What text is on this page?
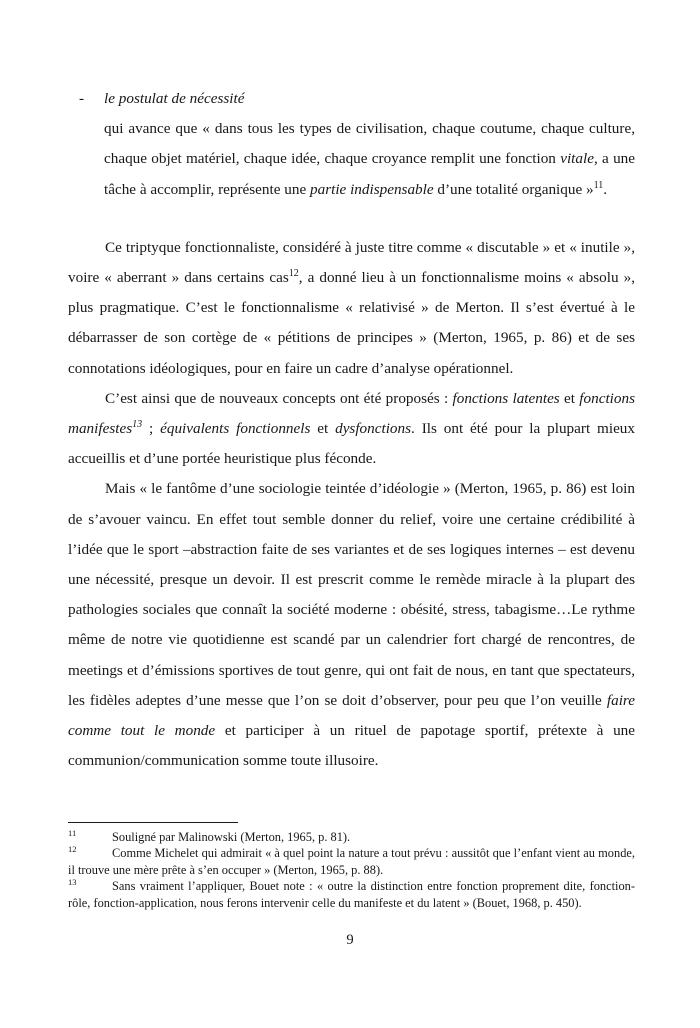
- le postulat de nécessité
qui avance que « dans tous les types de civilisation, chaque coutume, chaque culture, chaque objet matériel, chaque idée, chaque croyance remplit une fonction vitale, a une tâche à accomplir, représente une partie indispensable d’une totalité organique »$^{11}$.

Ce triptyque fonctionnaliste, considéré à juste titre comme « discutable » et « inutile », voire « aberrant » dans certains cas$^{12}$, a donné lieu à un fonctionnalisme moins « absolu », plus pragmatique. C’est le fonctionnalisme « relativisé » de Merton. Il s’est évertué à le débarrasser de son cortège de « pétitions de principes » (Merton, 1965, p. 86) et de ses connotations idéologiques, pour en faire un cadre d’analyse opérationnel.

C’est ainsi que de nouveaux concepts ont été proposés : fonctions latentes et fonctions manifestes$^{13}$ ; équivalents fonctionnels et dysfonctions. Ils ont été pour la plupart mieux accueillis et d’une portée heuristique plus féconde.

Mais « le fantôme d’une sociologie teintée d’idéologie » (Merton, 1965, p. 86) est loin de s’avouer vaincu. En effet tout semble donner du relief, voire une certaine crédibilité à l’idée que le sport –abstraction faite de ses variantes et de ses logiques internes – est devenu une nécessité, presque un devoir. Il est prescrit comme le remède miracle à la plupart des pathologies sociales que connaît la société moderne : obésité, stress, tabagisme…Le rythme même de notre vie quotidienne est scandé par un calendrier fort chargé de rencontres, de meetings et d’émissions sportives de tout genre, qui ont fait de nous, en tant que spectateurs, les fidèles adeptes d’une messe que l’on se doit d’observer, pour peu que l’on veuille faire comme tout le monde et participer à un rituel de papotage sportif, prétexte à une communion/communication somme toute illusoire.

11	Souligné par Malinowski (Merton, 1965, p. 81).

12	Comme Michelet qui admirait « à quel point la nature a tout prévu : aussitôt que l’enfant vient au monde, il trouve une mère prête à s’en occuper » (Merton, 1965, p. 88).

13	Sans vraiment l’appliquer, Bouet note : « outre la distinction entre fonction proprement dite, fonction-rôle, fonction-application, nous ferons intervenir celle du manifeste et du latent » (Bouet, 1968, p. 450).

9
